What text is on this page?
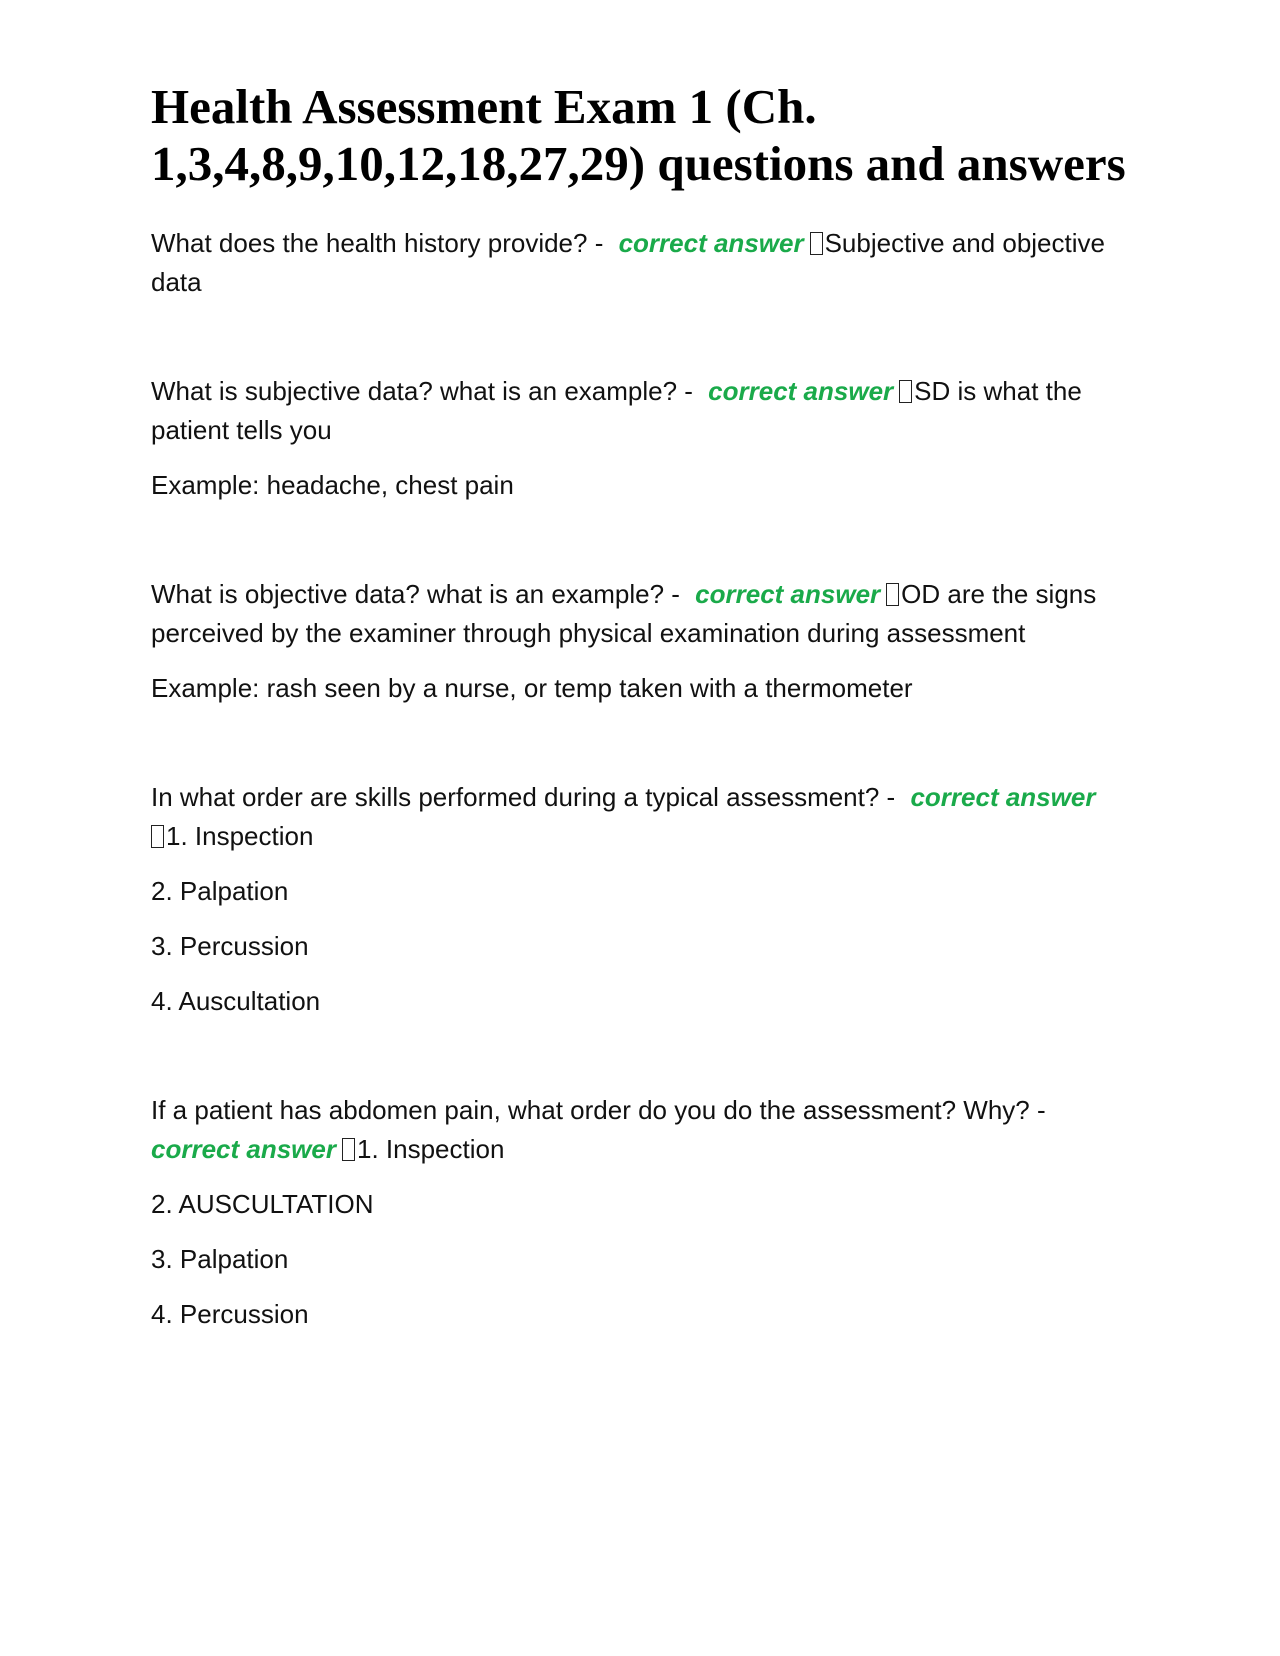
Health Assessment Exam 1 (Ch. 1,3,4,8,9,10,12,18,27,29) questions and answers

What does the health history provide? - correct answer Subjective and objective data

What is subjective data? what is an example? - correct answer SD is what the patient tells you

Example: headache, chest pain

What is objective data? what is an example? - correct answer OD are the signs perceived by the examiner through physical examination during assessment

Example: rash seen by a nurse, or temp taken with a thermometer

In what order are skills performed during a typical assessment? - correct answer
1. Inspection

2. Palpation

3. Percussion

4. Auscultation

If a patient has abdomen pain, what order do you do the assessment? Why? -
correct answer 1. Inspection

2. AUSCULTATION

3. Palpation

4. Percussion
